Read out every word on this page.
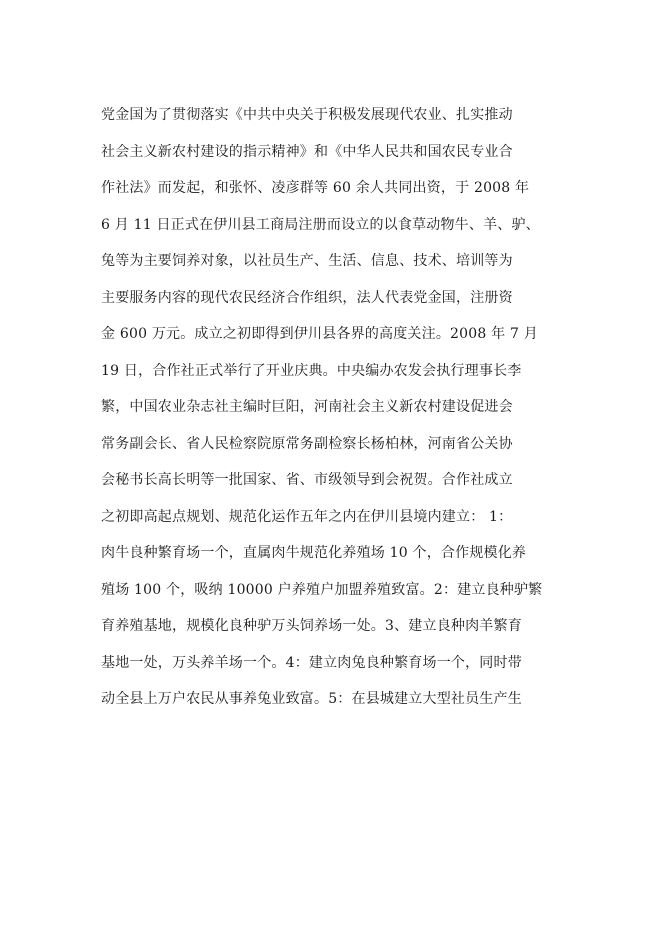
党金国为了贯彻落实《中共中央关于积极发展现代农业、扎实推动
社会主义新农村建设的指示精神》和《中华人民共和国农民专业合
作社法》而发起，和张怀、凌彦群等 60 余人共同出资，于 2008 年
6 月 11 日正式在伊川县工商局注册而设立的以食草动物牛、羊、驴、
兔等为主要饲养对象，以社员生产、生活、信息、技术、培训等为
主要服务内容的现代农民经济合作组织，法人代表党金国，注册资
金 600 万元。成立之初即得到伊川县各界的高度关注。2008 年 7 月
19 日，合作社正式举行了开业庆典。中央编办农发会执行理事长李
繁，中国农业杂志社主编时巨阳，河南社会主义新农村建设促进会
常务副会长、省人民检察院原常务副检察长杨柏林，河南省公关协
会秘书长高长明等一批国家、省、市级领导到会祝贺。合作社成立
之初即高起点规划、规范化运作五年之内在伊川县境内建立： 1：
肉牛良种繁育场一个，直属肉牛规范化养殖场 10 个，合作规模化养
殖场 100 个，吸纳 10000 户养殖户加盟养殖致富。2：建立良种驴繁
育养殖基地，规模化良种驴万头饲养场一处。3、建立良种肉羊繁育
基地一处，万头养羊场一个。4：建立肉兔良种繁育场一个，同时带
动全县上万户农民从事养兔业致富。5：在县城建立大型社员生产生
